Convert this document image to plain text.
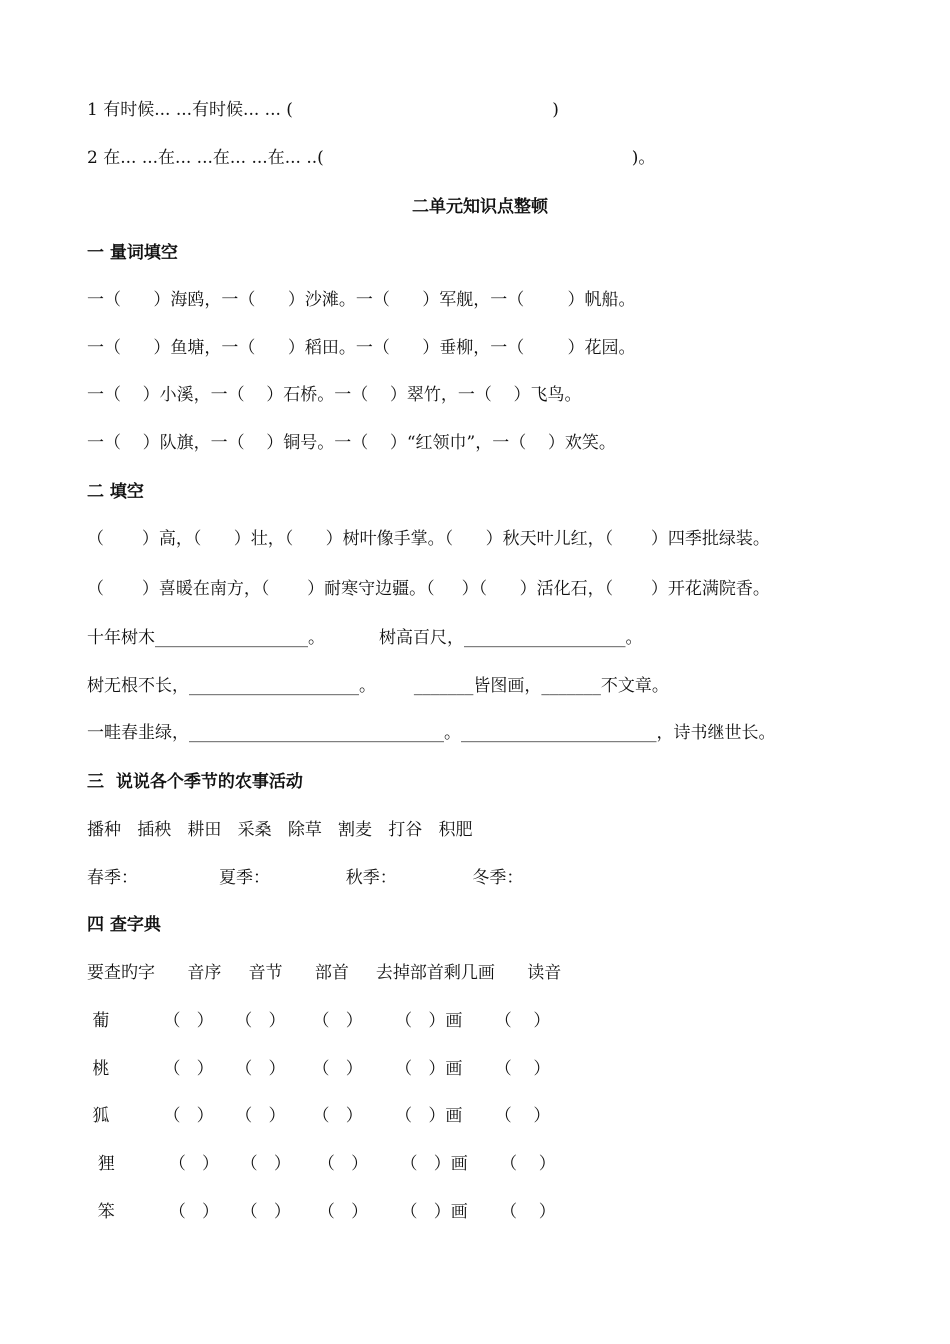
1 有时候... ...有时候... ... (                                                )
2 在... ...在... ...在... ...在... ..(                                                         )。
二单元知识点整顿
一 量词填空
一（      ）海鸥，一（      ）沙滩。一（      ）军舰，一（        ）帆船。
一（      ）鱼塘，一（      ）稻田。一（      ）垂柳，一（        ）花园。
一（    ）小溪，一（    ）石桥。一（    ）翠竹，一（    ）飞鸟。
一（    ）队旗，一（    ）铜号。一（    ）“红领巾”，一（    ）欢笑。
二 填空
（       ）高，（      ）壮，（      ）树叶像手掌。（      ）秋天叶儿红，（       ）四季批绿装。
（       ）喜暖在南方，（       ）耐寒守边疆。（     ）（      ）活化石，（       ）开花满院香。
十年树木__________________。          树高百尺，___________________。
树无根不长，____________________。       _______皆图画，_______不文章。
一畦春韭绿，______________________________。_______________________，诗书继世长。
三  说说各个季节的农事活动
播种   插秧   耕田   采桑   除草   割麦   打谷   积肥
春季：               夏季：              秋季：              冬季：
四 查字典
要查旳字      音序     音节      部首     去掉部首剩几画      读音
葡          （   ）    （   ）     （   ）      （   ）画      （    ）
桃          （   ）    （   ）     （   ）      （   ）画      （    ）
狐          （   ）    （   ）     （   ）      （   ）画      （    ）
狸          （   ）    （   ）     （   ）      （   ）画      （    ）
笨          （   ）    （   ）     （   ）      （   ）画      （    ）
